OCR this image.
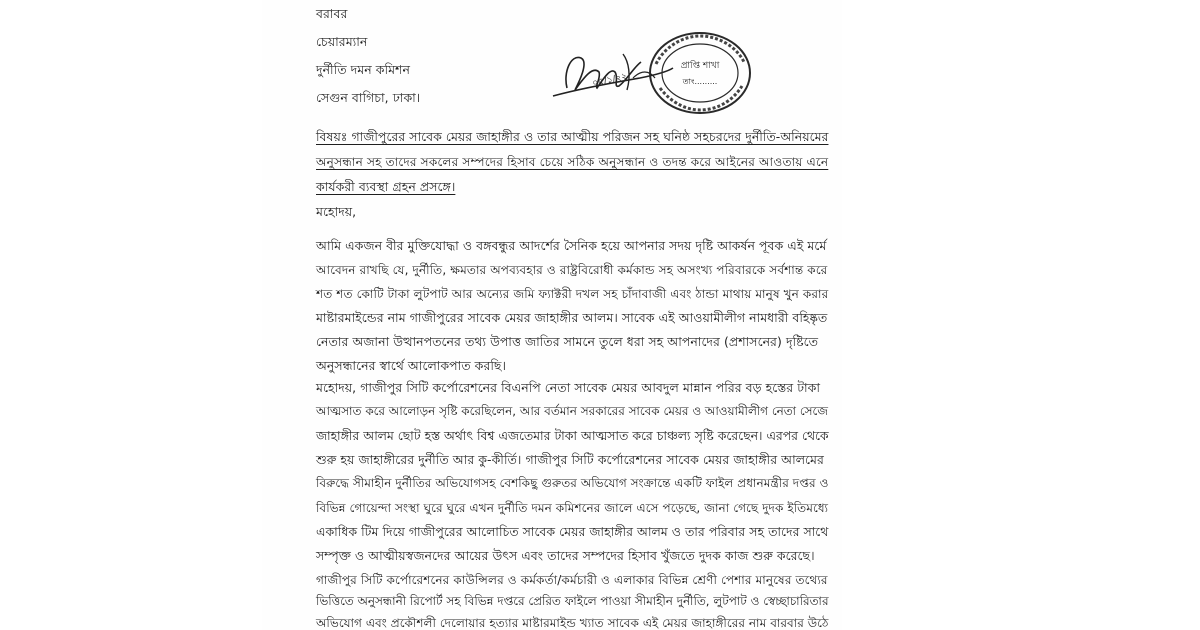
বরাবর
চেয়ারম্যান
দুর্নীতি দমন কমিশন
সেগুন বাগিচা, ঢাকা।
০৫/১/২২
প্রাপ্তি শাখা
তাং.........
বিষয়ঃ গাজীপুরের সাবেক মেয়র জাহাঙ্গীর ও তার আত্মীয় পরিজন সহ ঘনিষ্ঠ সহচরদের দুর্নীতি-অনিয়মের
অনুসন্ধান সহ তাদের সকলের সম্পদের হিসাব চেয়ে সঠিক অনুসন্ধান ও তদন্ত করে আইনের আওতায় এনে
কার্যকরী ব্যবস্থা গ্রহন প্রসঙ্গে।
মহোদয়,
আমি একজন বীর মুক্তিযোদ্ধা ও বঙ্গবন্ধুর আদর্শের সৈনিক হয়ে আপনার সদয় দৃষ্টি আকর্ষন পূবক এই মর্মে
আবেদন রাখছি যে, দুর্নীতি, ক্ষমতার অপব্যবহার ও রাষ্ট্রবিরোধী কর্মকান্ড সহ অসংখ্য পরিবারকে সর্বশান্ত করে
শত শত কোটি টাকা লুটপাট আর অন্যের জমি ফ্যাক্টরী দখল সহ চাঁদাবাজী এবং ঠান্ডা মাথায় মানুষ খুন করার
মাষ্টারমাইন্ডের নাম গাজীপুরের সাবেক মেয়র জাহাঙ্গীর আলম। সাবেক এই আওয়ামীলীগ নামধারী বহিষ্কৃত
নেতার অজানা উত্থানপতনের তথ্য উপাত্ত জাতির সামনে তুলে ধরা সহ আপনাদের (প্রশাসনের) দৃষ্টিতে
অনুসন্ধানের স্বার্থে আলোকপাত করছি।
মহোদয়, গাজীপুর সিটি কর্পোরেশনের বিএনপি নেতা সাবেক মেয়র আবদুল মান্নান পরির বড় হস্তের টাকা
আত্মসাত করে আলোড়ন সৃষ্টি করেছিলেন, আর বর্তমান সরকারের সাবেক মেয়র ও আওয়ামীলীগ নেতা সেজে
জাহাঙ্গীর আলম ছোট হস্ত অর্থাৎ বিশ্ব এজতেমার টাকা আত্মসাত করে চাঞ্চল্য সৃষ্টি করেছেন। এরপর থেকে
শুরু হয় জাহাঙ্গীরের দুর্নীতি আর কু-কীর্তি। গাজীপুর সিটি কর্পোরেশনের সাবেক মেয়র জাহাঙ্গীর আলমের
বিরুদ্ধে সীমাহীন দুর্নীতির অভিযোগসহ বেশকিছু গুরুতর অভিযোগ সংক্রান্তে একটি ফাইল প্রধানমন্ত্রীর দপ্তর ও
বিভিন্ন গোয়েন্দা সংস্থা ঘুরে ঘুরে এখন দুর্নীতি দমন কমিশনের জালে এসে পড়েছে, জানা গেছে দুদক ইতিমধ্যে
একাধিক টিম দিয়ে গাজীপুরের আলোচিত সাবেক মেয়র জাহাঙ্গীর আলম ও তার পরিবার সহ তাদের সাথে
সম্পৃক্ত ও আত্মীয়স্বজনদের আয়ের উৎস এবং তাদের সম্পদের হিসাব খুঁজতে দুদক কাজ শুরু করেছে।
গাজীপুর সিটি কর্পোরেশনের কাউন্সিলর ও কর্মকর্তা/কর্মচারী ও এলাকার বিভিন্ন শ্রেণী পেশার মানুষের তথ্যের
ভিত্তিতে অনুসন্ধানী রিপোর্ট সহ বিভিন্ন দপ্তরে প্রেরিত ফাইলে পাওয়া সীমাহীন দুর্নীতি, লুটপাট ও স্বেচ্ছাচারিতার
অভিযোগ এবং প্রকৌশলী দেলোয়ার হত্যার মাষ্টারমাইন্ড খ্যাত সাবেক এই মেয়র জাহাঙ্গীরের নাম বারবার উঠে
